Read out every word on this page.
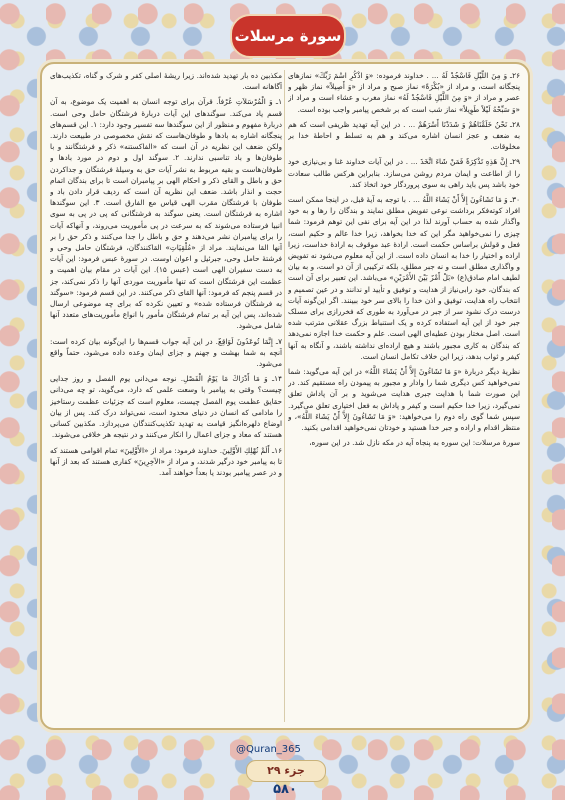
سورة مرسلات

۲۶ـ وَ مِنَ اللَّيْلِ فَاسْجُدْ لَهُ ... . خداوند فرموده: «وَ اذْكُرِ اسْمَ رَبِّكَ» نمازهای پنجگانه است، و مراد از «بُكْرَةً» نماز صبح و مراد از «وَ أَصِيلاً» نماز ظهر و عصر و مراد از «وَ مِنَ اللَّيْلِ فَاسْجُدْ لَهُ» نماز مغرب و عشاء است و مراد از «وَ سَبِّحْهُ لَيْلاً طَوِيلاً» نماز شب است که بر شخص پیامبر واجب بوده است.

۲۸ـ نَحْنُ خَلَقْنَاهُمْ وَ شَدَدْنَا أَسْرَهُمْ ... . در این آیه تهدید ظریفی است که هم به ضعف و عجز انسان اشاره می‌کند و هم به تسلط و احاطهٔ خدا بر مخلوقات.

۲۹ـ إِنَّ هَذِهِ تَذْكِرَةٌ فَمَنْ شَاءَ اتَّخَذَ ... . در این آیات خداوند غنا و بی‌نیازی خود را از اطاعت و ایمان مردم روشن می‌سازد. بنابراین هرکس طالب سعادت خود باشد پس باید راهی به سوی پروردگار خود اتخاذ کند.

۳۰ـ وَ مَا تَشَاءُونَ إِلاَّ أَنْ يَشَاءَ اللَّهُ ... . با توجه به آیهٔ قبل، در اینجا ممکن است افراد کوته‌فکر برداشت نوعی تفویض مطلق نمایند و بندگان را رها و به خود واگذار شده به حساب آورند لذا در این آیه برای نفی این توهم فرمود: شما چیزی را نمی‌خواهید مگر این که خدا بخواهد، زیرا خدا عالم و حکیم است، فعل و قولش براساس حکمت است. ارادهٔ عبد موقوف به ارادهٔ خداست، زیرا اراده و اختیار را خدا به انسان داده است. از این آیه معلوم می‌شود نه تفویض و واگذاری مطلق است و نه جبر مطلق، بلکه ترکیبی از آن دو است، و به بیان لطیف امام صادق(ع) «بَلْ أَمْرٌ بَيْنَ الأَمْرَيْنِ» می‌باشد. این تعبیر برای آن است که بندگان، خود رابی‌نیاز از هدایت و توفیق و تأیید او ندانند و در عین تصمیم و انتخاب راه هدایت، توفیق و اذن خدا را بالای سر خود ببینند. اگر این‌گونه آیات درست درک نشود سر از جبر در می‌آورد به طوری که فخررازی برای مسلک جبر خود از این آیه استفاده کرده و یک استنباط بزرگ عقلانی مترتب شده است. اصل مختار بودن عطیه‌ای الهی است. علم و حکمت خدا اجازه نمی‌دهد که بندگان به کاری مجبور باشند و هیچ اراده‌ای نداشته باشند، و آنگاه به آنها کیفر و ثواب بدهد، زیرا این خلاف تکامل انسان است.

نظریهٔ دیگر دربارهٔ «وَ مَا تَشَاءُونَ إِلاَّ أَنْ يَشَاءَ اللَّهُ» در این آیه می‌گوید: شما نمی‌خواهید کس دیگری شما را وادار و مجبور به پیمودن راه مستقیم کند. در این صورت شما با هدایت جبری هدایت می‌شوید و بر آن پاداش تعلق نمی‌گیرد، زیرا خدا حکیم است و کیفر و پاداش به فعل اختیاری تعلق می‌گیرد. سپس شما گوی راه دوم را می‌خواهید: «وَ مَا تَشَاءُونَ إِلاَّ أَنْ يَشَاءَ اللَّهُ»، و منتظر اقدام و اراده و جبر خدا هستید و خودتان نمی‌خواهید اقدامی بکنید.

سورهٔ مرسلات: این سوره به پنجاه آیه در مکه نازل شد. در این سوره،

مکذبین ده بار تهدید شده‌اند. زیرا ریشهٔ اصلی کفر و شرک و گناه، تکذیب‌های آگاهانه است.

۱ـ وَ الْمُرْسَلاَتِ عُرْفاً. قرآن برای توجه انسان به اهمیت یک موضوع، به آن قسم یاد می‌کند. سوگندهای این آیات دربارهٔ فرشتگان حامل وحی است. دربارهٔ مفهوم و منظور از این سوگندها سه تفسیر وجود دارد: ۱. این قسم‌های پنجگانه اشاره به بادها و طوفان‌هاست که نقش مخصوصی در طبیعت دارند. ولکن ضعف این نظریه در آن است که «الفاکستنه» ذکر و فرشتگانند و با طوفان‌ها و باد تناسبی ندارند. ۲. سوگند اول و دوم در مورد بادها و طوفان‌هاست و بقیه مربوط به نشر آیات حق به وسیلهٔ فرشتگان و جداکردن حق و باطل و القای ذکر و احکام الهی بر پیامبران است تا برای بندگان اتمام حجت و انذار باشد. ضعف این نظریه آن است که ردیف قرار دادن باد و طوفان با فرشتگان مقرب الهی قیاس مع الفارق است. ۳. این سوگندها اشاره به فرشتگان است. یعنی سوگند به فرشتگانی که پی در پی به سوی انبیا فرستاده می‌شوند که به سرعت در پی مأموریت می‌روند، و آنهاکه آیات را برای پیامبران نشر می‌دهند و حق و باطل را جدا می‌کنند و ذکر حق را بر آنها القا می‌نمایند. مراد از «مُلْقِيَاتِ» القاکنندگان، فرشتگان حامل وحی و فرشتهٔ حامل وحی، جبرئیل و اعوان اوست. در سورهٔ عبس فرمود: این آیات به دست سفیران الهی است (عبس ۱۵). این آیات در مقام بیان اهمیت و عظمت این فرشتگان است که تنها مأموریت موردی آنها را ذکر نمی‌کند، جز در قسم پنجم که فرمود: آنها القای ذکر می‌کنند. در این قسم فرمود: «سوگند به فرشتگان فرستاده شده» و تعیین نکرده که برای چه موضوعی ارسال شده‌اند، پس این آیه بر تمام فرشتگان مأمور با انواع مأموریت‌های متعدد آنها شامل می‌شود.

۷ـ إِنَّمَا تُوعَدُونَ لَوَاقِعٌ. در این آیه جواب قسم‌ها را این‌گونه بیان کرده است: آنچه به شما بهشت و جهنم و جزای ایمان وعده داده می‌شود، حتماً واقع می‌شود.

۱۴ـ وَ مَا أَدْرَاكَ مَا يَوْمُ الْفَصْلِ. نوجه می‌دانی یوم الفصل و روز جدایی چیست؟ وقتی به پیامبر با وسعت علمی که دارد، می‌گوید، تو چه می‌دانی حقایق عظمت یوم الفصل چیست، معلوم است که جزئیات عظمت رستاخیز را مادامی که انسان در دنیای محدود است، نمی‌تواند درک کند. پس از بیان اوضاع دلهره‌انگیز قیامت به تهدید تکذیب‌کنندگان می‌پردازد. مکذبین کسانی هستند که معاد و جزای اعمال را انکار می‌کنند و در نتیجه هر خلافی می‌شوند.

۱۶ـ أَلَمْ نُهْلِكِ الأَوَّلِينَ. خداوند فرمود: مراد از «الأَوَّلِينَ» تمام اقوامی هستند که تا به پیامبر خود درگیر شدند، و مراد از «الآخِرِينَ» کفاری هستند که بعد از آنها و در عصر پیامبر بودند یا بعداً خواهند آمد.

@Quran_365
جزء ۲۹
۵۸۰
